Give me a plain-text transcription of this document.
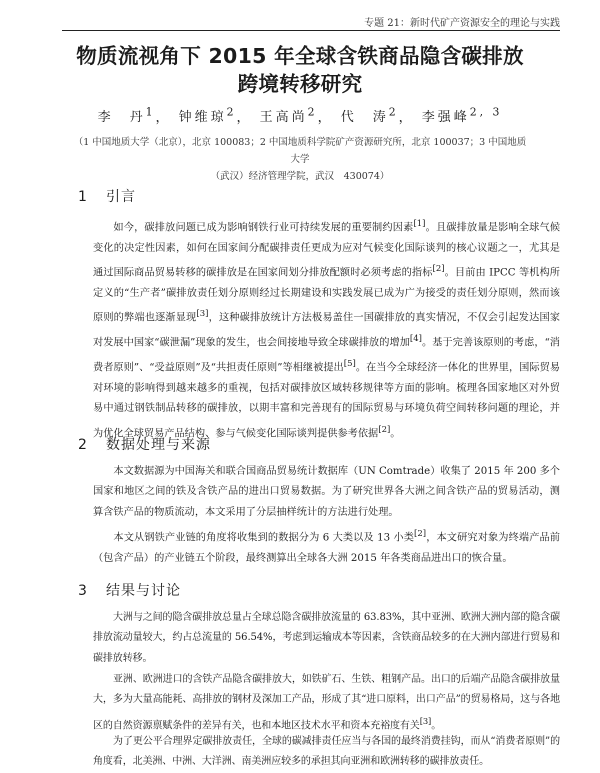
专题 21：新时代矿产资源安全的理论与实践
物质流视角下 2015 年全球含铁商品隐含碳排放
跨境转移研究
李　丹$^1$， 钟维琼$^2$， 王高尚$^2$， 代　涛$^2$， 李强峰$^{2, 3}$
（1 中国地质大学（北京），北京 100083；2 中国地质科学院矿产资源研究所，北京 100037；3 中国地质大学
（武汉）经济管理学院，武汉　430074）
1 引言

如今，碳排放问题已成为影响钢铁行业可持续发展的重要制约因素[1]。且碳排放量是影响全球气候变化的决定性因素，如何在国家间分配碳排责任更成为应对气候变化国际谈判的核心议题之一，尤其是通过国际商品贸易转移的碳排放是在国家间划分排放配额时必须考虑的指标[2]。目前由 IPCC 等机构所定义的“生产者”碳排放责任划分原则经过长期建设和实践发展已成为广为接受的责任划分原则，然而该原则的弊端也逐渐显现[3]，这种碳排放统计方法极易盖住一国碳排放的真实情况，不仅会引起发达国家对发展中国家“碳泄漏”现象的发生，也会间接地导致全球碳排放的增加[4]。基于完善该原则的考虑，“消费者原则”、“受益原则”及“共担责任原则”等相继被提出[5]。在当今全球经济一体化的世界里，国际贸易对环境的影响得到越来越多的重视，包括对碳排放区域转移规律等方面的影响。梳理各国家地区对外贸易中通过钢铁制品转移的碳排放，以期丰富和完善现有的国际贸易与环境负荷空间转移问题的理论，并为优化全球贸易产品结构、参与气候变化国际谈判提供参考依据[2]。

2 数据处理与来源

本文数据源为中国海关和联合国商品贸易统计数据库（UN Comtrade）收集了 2015 年 200 多个国家和地区之间的铁及含铁产品的进出口贸易数据。为了研究世界各大洲之间含铁产品的贸易活动，测算含铁产品的物质流动，本文采用了分层抽样统计的方法进行处理。

本文从钢铁产业链的角度将收集到的数据分为 6 大类以及 13 小类[2]，本文研究对象为终端产品前（包含产品）的产业链五个阶段，最终测算出全球各大洲 2015 年各类商品进出口的恢合量。

3 结果与讨论

大洲与之间的隐含碳排放总量占全球总隐含碳排放流量的 63.83%，其中亚洲、欧洲大洲内部的隐含碳排放流动量较大，约占总流量的 56.54%，考虑到运输成本等因素，含铁商品较多的在大洲内部进行贸易和碳排放转移。

亚洲、欧洲进口的含铁产品隐含碳排放大，如铁矿石、生铁、粗钢产品。出口的后端产品隐含碳排放量大，多为大量高能耗、高排放的钢材及深加工产品，形成了其“进口原料，出口产品”的贸易格局，这与各地区的自然资源禀赋条件的差异有关，也和本地区技术水平和资本充裕度有关[3]。

为了更公平合理界定碳排放责任，全球的碳减排责任应当与各国的最终消费挂钩，而从“消费者原则”的角度看，北美洲、中洲、大洋洲、南美洲应较多的承担其向亚洲和欧洲转移的碳排放责任。
